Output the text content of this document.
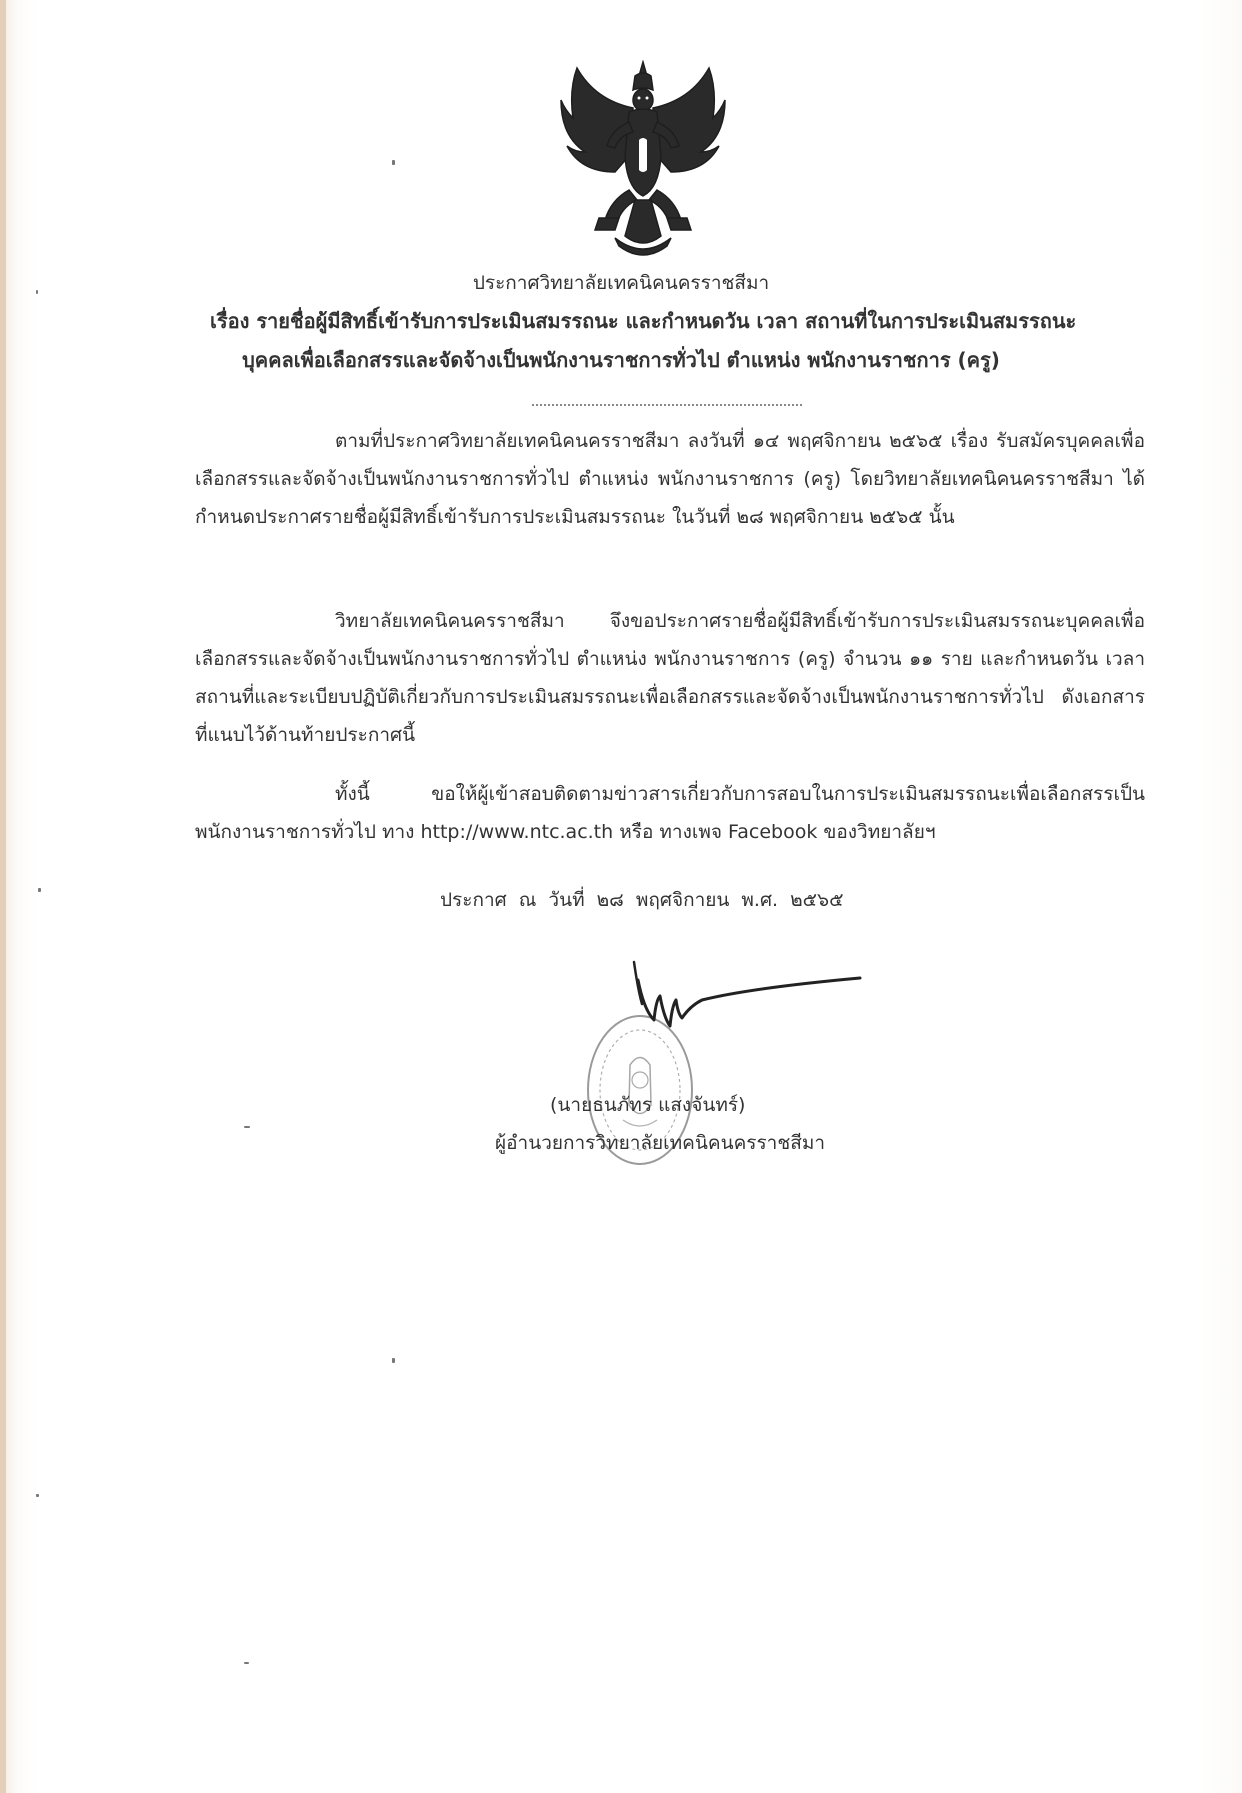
ประกาศวิทยาลัยเทคนิคนครราชสีมา
เรื่อง รายชื่อผู้มีสิทธิ์เข้ารับการประเมินสมรรถนะ และกำหนดวัน เวลา สถานที่ในการประเมินสมรรถนะ
บุคคลเพื่อเลือกสรรและจัดจ้างเป็นพนักงานราชการทั่วไป ตำแหน่ง พนักงานราชการ (ครู)
ตามที่ประกาศวิทยาลัยเทคนิคนครราชสีมา ลงวันที่ ๑๔ พฤศจิกายน ๒๕๖๕ เรื่อง รับสมัครบุคคลเพื่อเลือกสรรและจัดจ้างเป็นพนักงานราชการทั่วไป ตำแหน่ง พนักงานราชการ (ครู) โดยวิทยาลัยเทคนิคนครราชสีมา ได้กำหนดประกาศรายชื่อผู้มีสิทธิ์เข้ารับการประเมินสมรรถนะ ในวันที่ ๒๘ พฤศจิกายน ๒๕๖๕ นั้น
วิทยาลัยเทคนิคนครราชสีมา จึงขอประกาศรายชื่อผู้มีสิทธิ์เข้ารับการประเมินสมรรถนะบุคคลเพื่อเลือกสรรและจัดจ้างเป็นพนักงานราชการทั่วไป ตำแหน่ง พนักงานราชการ (ครู) จำนวน ๑๑ ราย และกำหนดวัน เวลา สถานที่และระเบียบปฏิบัติเกี่ยวกับการประเมินสมรรถนะเพื่อเลือกสรรและจัดจ้างเป็นพนักงานราชการทั่วไป ดังเอกสารที่แนบไว้ด้านท้ายประกาศนี้
ทั้งนี้ ขอให้ผู้เข้าสอบติดตามข่าวสารเกี่ยวกับการสอบในการประเมินสมรรถนะเพื่อเลือกสรรเป็นพนักงานราชการทั่วไป ทาง http://www.ntc.ac.th หรือ ทางเพจ Facebook ของวิทยาลัยฯ
ประกาศ ณ วันที่ ๒๘ พฤศจิกายน พ.ศ. ๒๕๖๕
(นายธนภัทร แสงจันทร์)
ผู้อำนวยการวิทยาลัยเทคนิคนครราชสีมา
